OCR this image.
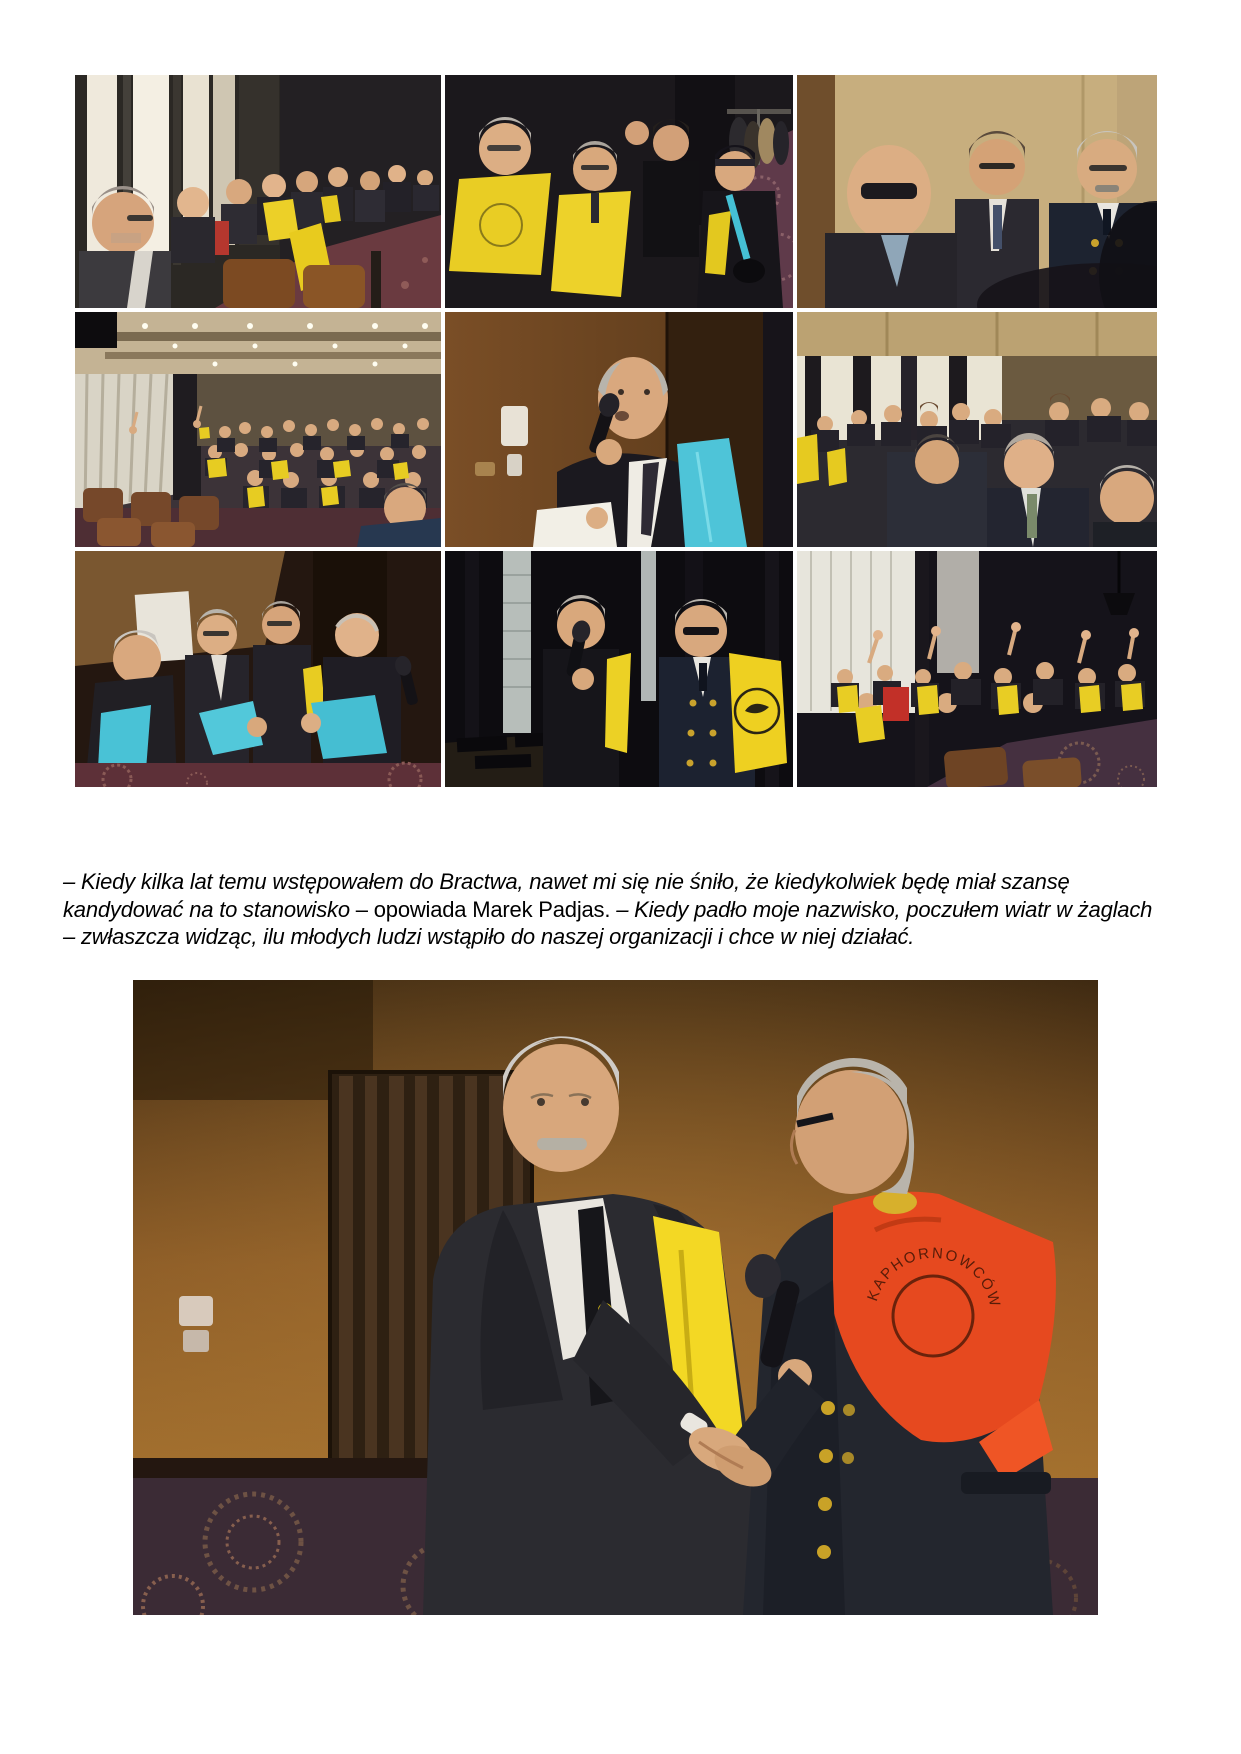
– Kiedy kilka lat temu wstępowałem do Bractwa, nawet mi się nie śniło, że kiedykolwiek będę miał szansę kandydować na to stanowisko – opowiada Marek Padjas. – Kiedy padło moje nazwisko, poczułem wiatr w żaglach – zwłaszcza widząc, ilu młodych ludzi wstąpiło do naszej organizacji i chce w niej działać.

KAPHORNOWCÓW
